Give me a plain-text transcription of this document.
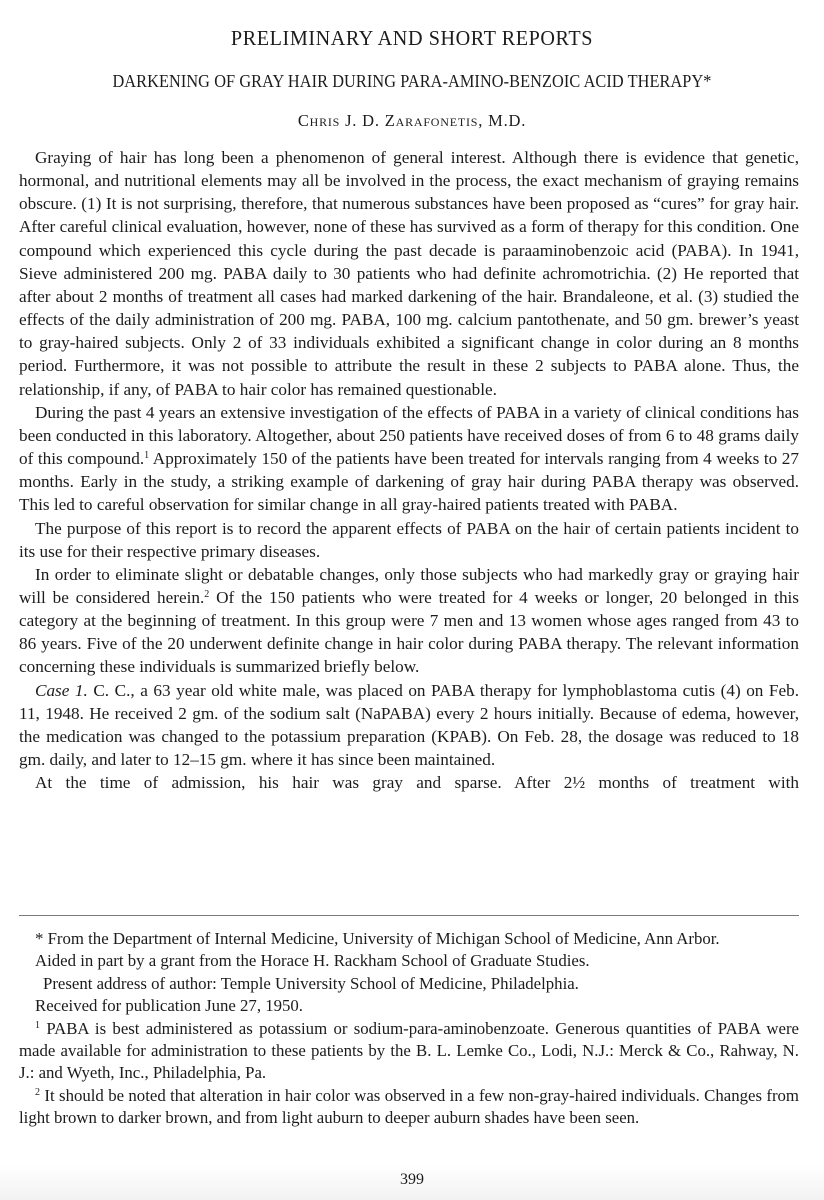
PRELIMINARY AND SHORT REPORTS
DARKENING OF GRAY HAIR DURING PARA-AMINO-BENZOIC ACID THERAPY*
Chris J. D. Zarafonetis, M.D.

Graying of hair has long been a phenomenon of general interest. Although there is evidence that genetic, hormonal, and nutritional elements may all be involved in the process, the exact mechanism of graying remains obscure. (1) It is not surprising, therefore, that numerous substances have been proposed as “cures” for gray hair. After careful clinical evaluation, however, none of these has survived as a form of therapy for this condition. One compound which experienced this cycle during the past decade is paraaminobenzoic acid (PABA). In 1941, Sieve administered 200 mg. PABA daily to 30 patients who had definite achromotrichia. (2) He reported that after about 2 months of treatment all cases had marked darkening of the hair. Brandaleone, et al. (3) studied the effects of the daily administration of 200 mg. PABA, 100 mg. calcium pantothenate, and 50 gm. brewer’s yeast to gray-haired subjects. Only 2 of 33 individuals exhibited a significant change in color during an 8 months period. Furthermore, it was not possible to attribute the result in these 2 subjects to PABA alone. Thus, the relationship, if any, of PABA to hair color has remained questionable.

During the past 4 years an extensive investigation of the effects of PABA in a variety of clinical conditions has been conducted in this laboratory. Altogether, about 250 patients have received doses of from 6 to 48 grams daily of this compound.$^1$ Approximately 150 of the patients have been treated for intervals ranging from 4 weeks to 27 months. Early in the study, a striking example of darkening of gray hair during PABA therapy was observed. This led to careful observation for similar change in all gray-haired patients treated with PABA.

The purpose of this report is to record the apparent effects of PABA on the hair of certain patients incident to its use for their respective primary diseases.

In order to eliminate slight or debatable changes, only those subjects who had markedly gray or graying hair will be considered herein.$^2$ Of the 150 patients who were treated for 4 weeks or longer, 20 belonged in this category at the beginning of treatment. In this group were 7 men and 13 women whose ages ranged from 43 to 86 years. Five of the 20 underwent definite change in hair color during PABA therapy. The relevant information concerning these individuals is summarized briefly below.

Case 1. C. C., a 63 year old white male, was placed on PABA therapy for lymphoblastoma cutis (4) on Feb. 11, 1948. He received 2 gm. of the sodium salt (NaPABA) every 2 hours initially. Because of edema, however, the medication was changed to the potassium preparation (KPAB). On Feb. 28, the dosage was reduced to 18 gm. daily, and later to 12–15 gm. where it has since been maintained.

At the time of admission, his hair was gray and sparse. After 2½ months of treatment with

* From the Department of Internal Medicine, University of Michigan School of Medicine, Ann Arbor.

Aided in part by a grant from the Horace H. Rackham School of Graduate Studies.

Present address of author: Temple University School of Medicine, Philadelphia.

Received for publication June 27, 1950.

$^1$ PABA is best administered as potassium or sodium-para-aminobenzoate. Generous quantities of PABA were made available for administration to these patients by the B. L. Lemke Co., Lodi, N.J.: Merck & Co., Rahway, N. J.: and Wyeth, Inc., Philadelphia, Pa.

$^2$ It should be noted that alteration in hair color was observed in a few non-gray-haired individuals. Changes from light brown to darker brown, and from light auburn to deeper auburn shades have been seen.

399
